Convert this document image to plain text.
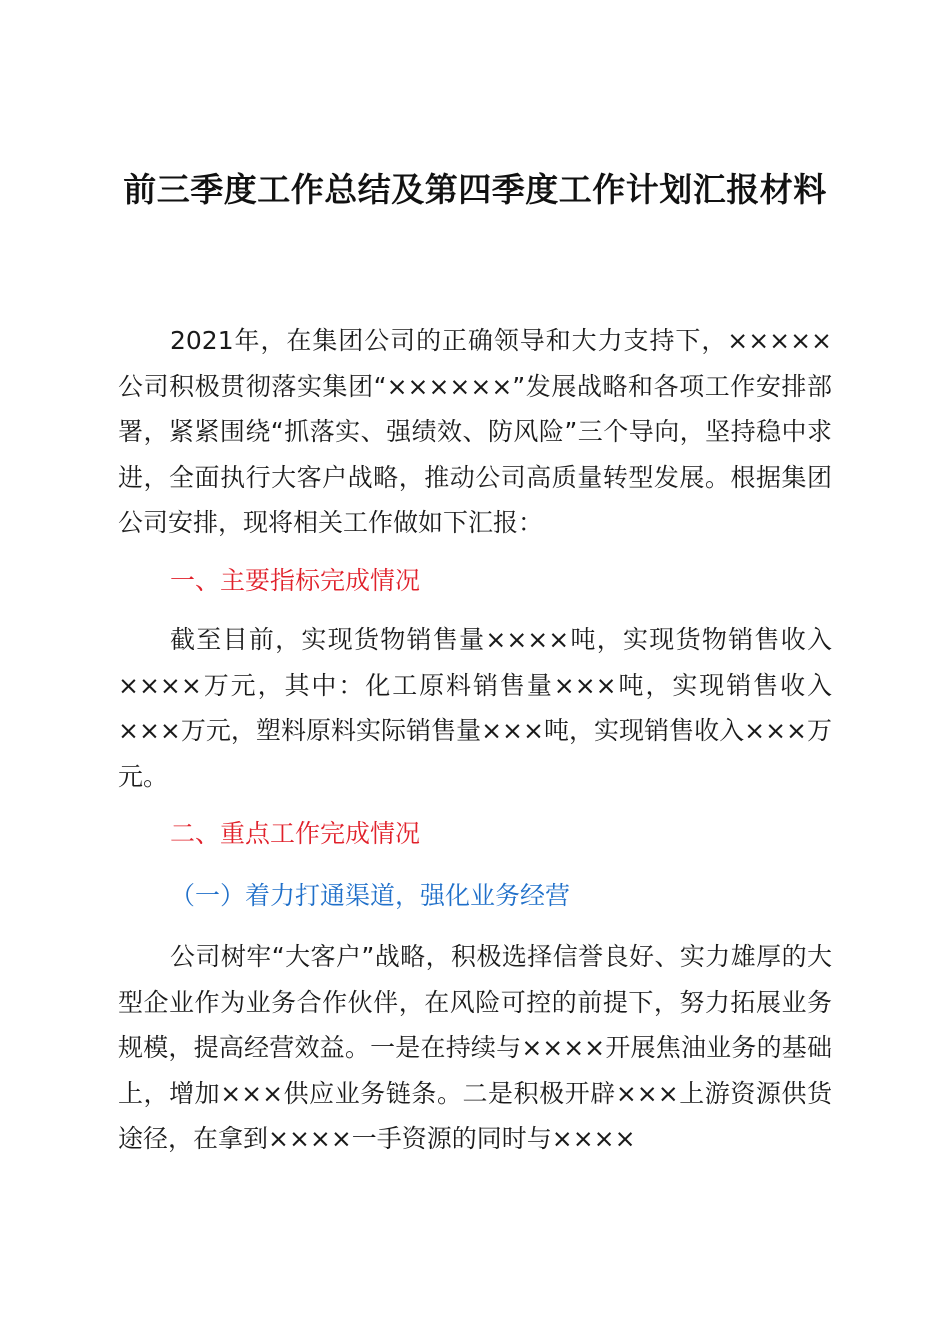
前三季度工作总结及第四季度工作计划汇报材料
2021年，在集团公司的正确领导和大力支持下，×××××公司积极贯彻落实集团“××××××”发展战略和各项工作安排部署，紧紧围绕“抓落实、强绩效、防风险”三个导向，坚持稳中求进，全面执行大客户战略，推动公司高质量转型发展。根据集团公司安排，现将相关工作做如下汇报：
一、主要指标完成情况
截至目前，实现货物销售量××××吨，实现货物销售收入××××万元，其中：化工原料销售量×××吨，实现销售收入×××万元，塑料原料实际销售量×××吨，实现销售收入×××万元。
二、重点工作完成情况
（一）着力打通渠道，强化业务经营
公司树牢“大客户”战略，积极选择信誉良好、实力雄厚的大型企业作为业务合作伙伴，在风险可控的前提下，努力拓展业务规模，提高经营效益。一是在持续与××××开展焦油业务的基础上，增加×××供应业务链条。二是积极开辟×××上游资源供货途径，在拿到××××一手资源的同时与××××
